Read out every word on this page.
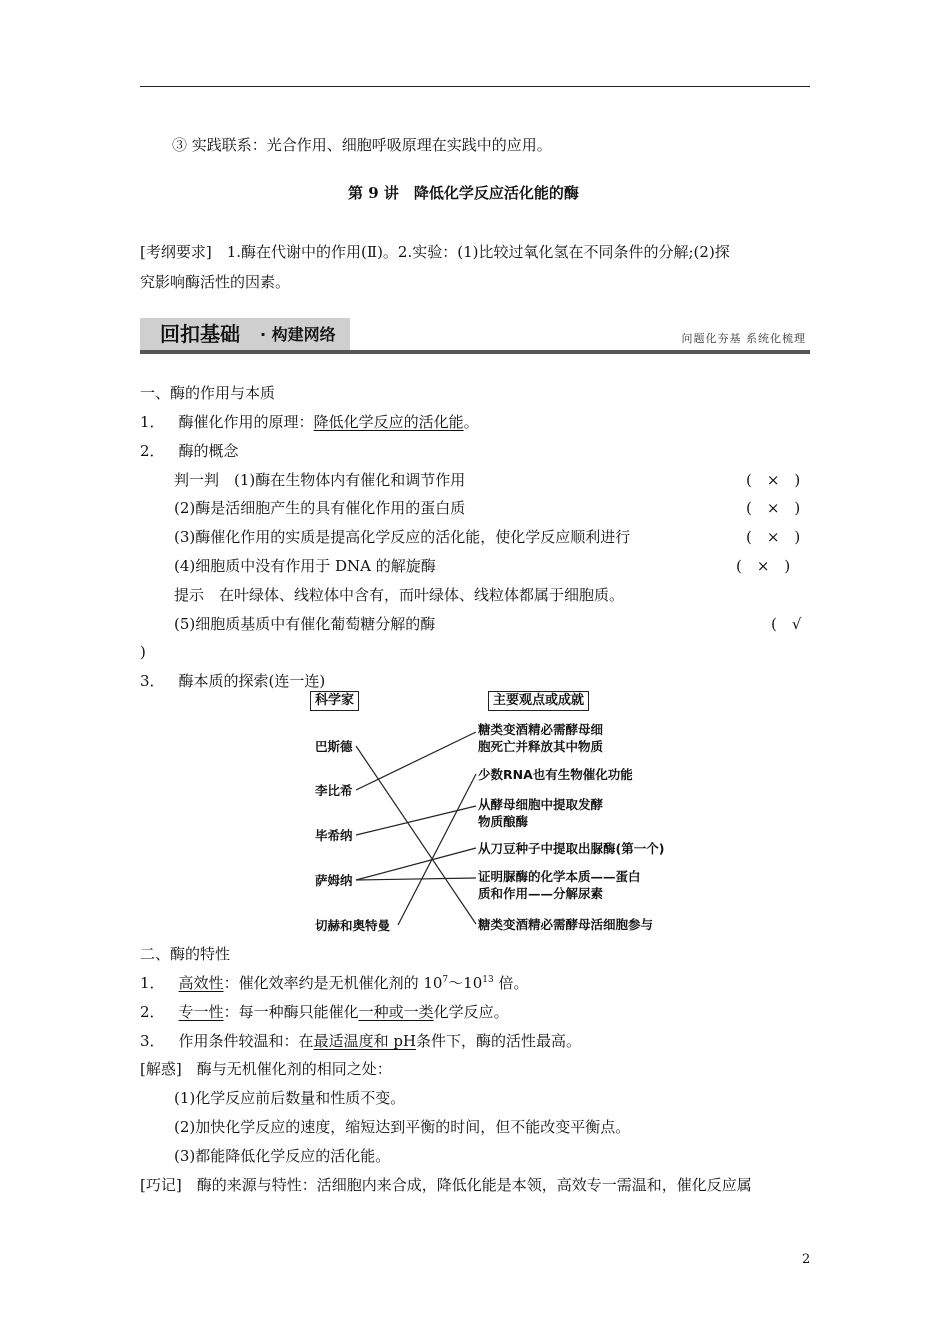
③ 实践联系：光合作用、细胞呼吸原理在实践中的应用。
第 9 讲　降低化学反应活化能的酶
[考纲要求]　1.酶在代谢中的作用(Ⅱ)。2.实验：(1)比较过氧化氢在不同条件的分解;(2)探
究影响酶活性的因素。
回扣基础 · 构建网络	问题化夯基 系统化梳理
一、酶的作用与本质
1． 酶催化作用的原理：降低化学反应的活化能。
2． 酶的概念
判一判　(1)酶在生物体内有催化和调节作用	(　×　)
(2)酶是活细胞产生的具有催化作用的蛋白质	(　×　)
(3)酶催化作用的实质是提高化学反应的活化能，使化学反应顺利进行	(　×　)
(4)细胞质中没有作用于 DNA 的解旋酶	(　×　)
提示　在叶绿体、线粒体中含有，而叶绿体、线粒体都属于细胞质。
(5)细胞质基质中有催化葡萄糖分解的酶	(　√
)
3． 酶本质的探索(连一连)
科学家	主要观点或成就
巴斯德
李比希
毕希纳
萨姆纳
切赫和奥特曼
糖类变酒精必需酵母细
胞死亡并释放其中物质
少数RNA也有生物催化功能
从酵母细胞中提取发酵
物质酿酶
从刀豆种子中提取出脲酶(第一个)
证明脲酶的化学本质——蛋白
质和作用——分解尿素
糖类变酒精必需酵母活细胞参与
二、酶的特性
1． 高效性：催化效率约是无机催化剂的 $10^7\sim 10^{13}$ 倍。
2． 专一性：每一种酶只能催化一种或一类化学反应。
3． 作用条件较温和：在最适温度和 pH条件下，酶的活性最高。
[解惑]　酶与无机催化剂的相同之处：
(1)化学反应前后数量和性质不变。
(2)加快化学反应的速度，缩短达到平衡的时间，但不能改变平衡点。
(3)都能降低化学反应的活化能。
[巧记]　酶的来源与特性：活细胞内来合成，降低化能是本领，高效专一需温和，催化反应属
2
